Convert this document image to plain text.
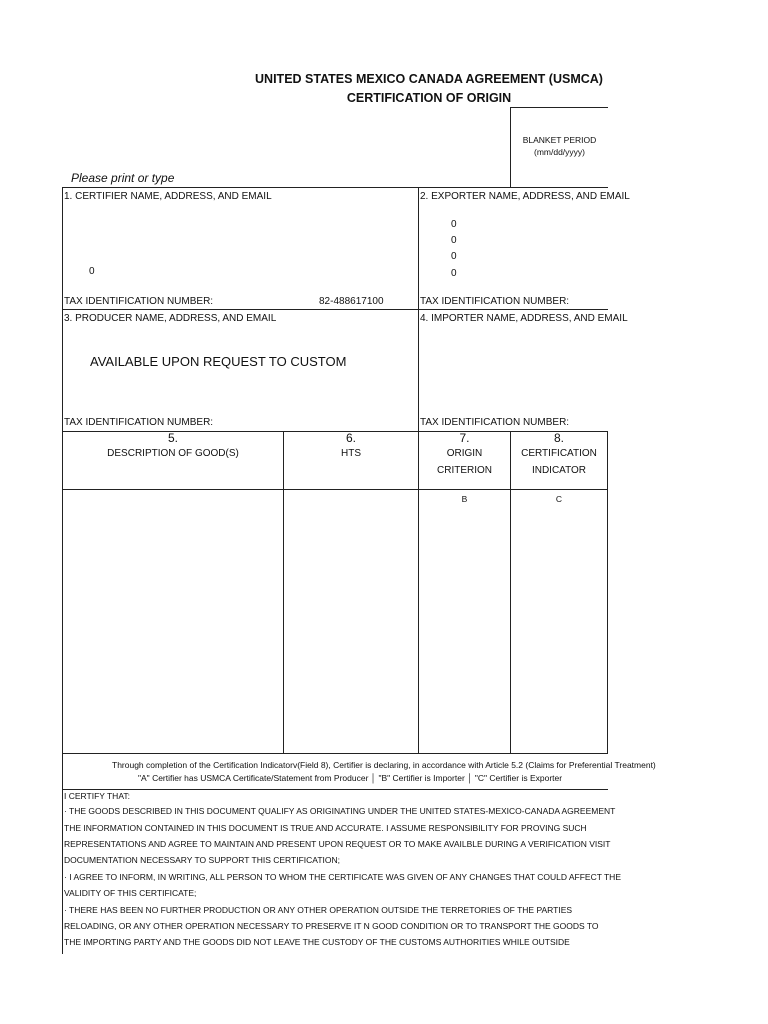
UNITED STATES MEXICO CANADA AGREEMENT (USMCA)
CERTIFICATION OF ORIGIN
BLANKET PERIOD
(mm/dd/yyyy)
Please print or type
1. CERTIFIER NAME, ADDRESS, AND EMAIL
0
TAX IDENTIFICATION NUMBER:	82-488617100
2. EXPORTER NAME, ADDRESS, AND EMAIL
0
0
0
0
TAX IDENTIFICATION NUMBER:
3. PRODUCER NAME, ADDRESS, AND EMAIL
AVAILABLE UPON REQUEST TO CUSTOM
TAX IDENTIFICATION NUMBER:
4. IMPORTER NAME, ADDRESS, AND EMAIL
TAX IDENTIFICATION NUMBER:
5.
DESCRIPTION OF GOOD(S)
6.
HTS
7.
ORIGIN
CRITERION
8.
CERTIFICATION
INDICATOR
B	C
Through completion of the Certification Indicatorv(Field 8), Certifier is declaring, in accordance with Article 5.2 (Claims for Preferential Treatment)
"A" Certifier has USMCA Certificate/Statement from Producer │ "B" Certifier is Importer │ "C" Certifier is Exporter
I CERTIFY THAT:
· THE GOODS DESCRIBED IN THIS DOCUMENT QUALIFY AS ORIGINATING UNDER THE UNITED STATES-MEXICO-CANADA AGREEMENT
THE INFORMATION CONTAINED IN THIS DOCUMENT IS TRUE AND ACCURATE. I ASSUME RESPONSIBILITY FOR PROVING SUCH
REPRESENTATIONS AND AGREE TO MAINTAIN AND PRESENT UPON REQUEST OR TO MAKE AVAILBLE DURING A VERIFICATION VISIT
DOCUMENTATION NECESSARY TO SUPPORT THIS CERTIFICATION;
· I AGREE TO INFORM, IN WRITING, ALL PERSON TO WHOM THE CERTIFICATE WAS GIVEN OF ANY CHANGES THAT COULD AFFECT THE
VALIDITY OF THIS CERTIFICATE;
· THERE HAS BEEN NO FURTHER PRODUCTION OR ANY OTHER OPERATION OUTSIDE THE TERRETORIES OF THE PARTIES
RELOADING, OR ANY OTHER OPERATION NECESSARY TO PRESERVE IT N GOOD CONDITION OR TO TRANSPORT THE GOODS TO
THE IMPORTING PARTY AND THE GOODS DID NOT LEAVE THE CUSTODY OF THE CUSTOMS AUTHORITIES WHILE OUTSIDE
